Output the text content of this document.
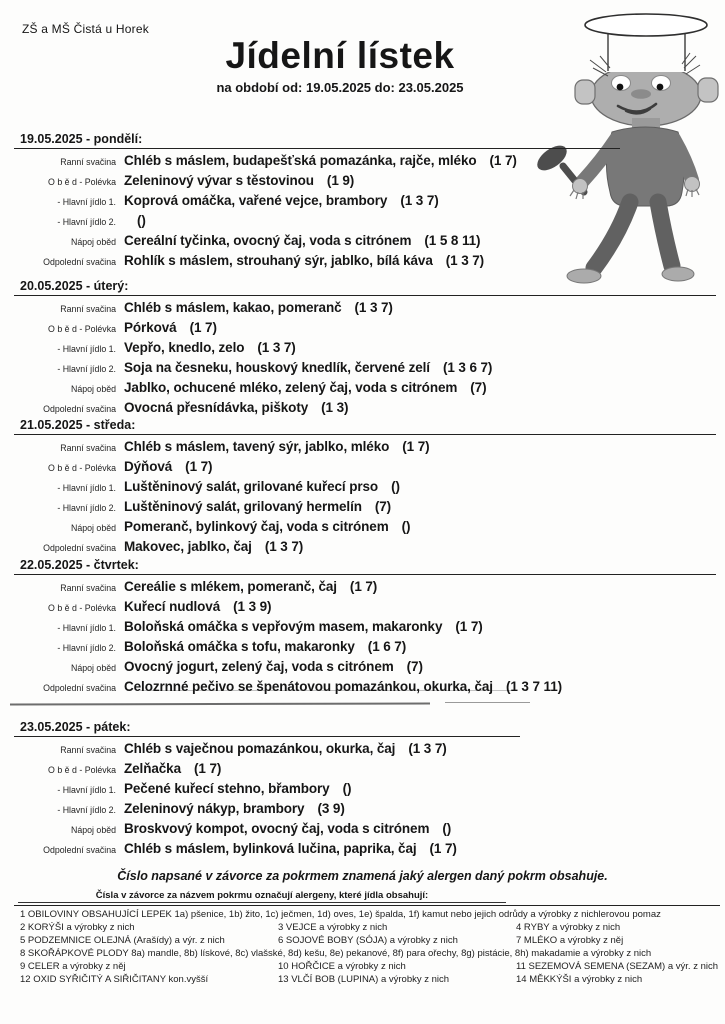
ZŠ a MŠ Čistá u Horek
Jídelní lístek
na období od: 19.05.2025 do: 23.05.2025
19.05.2025 - pondělí:
Ranní svačina Chléb s máslem, budapešťská pomazánka, rajče, mléko (1 7)
O b ě d - Polévka Zeleninový vývar s těstovinou (1 9)
- Hlavní jídlo 1. Koprová omáčka, vařené vejce, brambory (1 3 7)
- Hlavní jídlo 2.	()
Nápoj oběd Cereální tyčinka, ovocný čaj, voda s citrónem (1 5 8 11)
Odpolední svačina Rohlík s máslem, strouhaný sýr, jablko, bílá káva (1 3 7)
20.05.2025 - úterý:
Ranní svačina Chléb s máslem, kakao, pomeranč (1 3 7)
O b ě d - Polévka Pórková (1 7)
- Hlavní jídlo 1. Vepřo, knedlo, zelo (1 3 7)
- Hlavní jídlo 2. Soja na česneku, houskový knedlík, červené zelí (1 3 6 7)
Nápoj oběd Jablko, ochucené mléko, zelený čaj, voda s citrónem (7)
Odpolední svačina Ovocná přesnídávka, piškoty (1 3)
21.05.2025 - středa:
Ranní svačina Chléb s máslem, tavený sýr, jablko, mléko (1 7)
O b ě d - Polévka Dýňová (1 7)
- Hlavní jídlo 1. Luštěninový salát, grilované kuřecí prso ()
- Hlavní jídlo 2. Luštěninový salát, grilovaný hermelín (7)
Nápoj oběd Pomeranč, bylinkový čaj, voda s citrónem ()
Odpolední svačina Makovec, jablko, čaj (1 3 7)
22.05.2025 - čtvrtek:
Ranní svačina Cereálie s mlékem, pomeranč, čaj (1 7)
O b ě d - Polévka Kuřecí nudlová (1 3 9)
- Hlavní jídlo 1. Boloňská omáčka s vepřovým masem, makaronky (1 7)
- Hlavní jídlo 2. Boloňská omáčka s tofu, makaronky (1 6 7)
Nápoj oběd Ovocný jogurt, zelený čaj, voda s citrónem (7)
Odpolední svačina Celozrnné pečivo se špenátovou pomazánkou, okurka, čaj (1 3 7 11)
23.05.2025 - pátek:
Ranní svačina Chléb s vaječnou pomazánkou, okurka, čaj (1 3 7)
O b ě d - Polévka Zelňačka (1 7)
- Hlavní jídlo 1. Pečené kuřecí stehno, břambory ()
- Hlavní jídlo 2. Zeleninový nákyp, brambory (3 9)
Nápoj oběd Broskvový kompot, ovocný čaj, voda s citrónem ()
Odpolední svačina Chléb s máslem, bylinková lučina, paprika, čaj (1 7)
Číslo napsané v závorce za pokrmem znamená jaký alergen daný pokrm obsahuje.
Čísla v závorce za názvem pokrmu označují alergeny, které jídla obsahují:
1 OBILOVINY OBSAHUJÍCÍ LEPEK 1a) pšenice, 1b) žito, 1c) ječmen, 1d) oves, 1e) špalda, 1f) kamut nebo jejich odrůdy a výrobky z nichlerovou pomaz
2 KORÝŠI a výrobky z nich	3 VEJCE a výrobky z nich	4 RYBY a výrobky z nich
5 PODZEMNICE OLEJNÁ (Arašídy) a výr. z nich	6 SOJOVÉ BOBY (SÓJA) a výrobky z nich	7 MLÉKO a výrobky z něj
8 SKOŘÁPKOVÉ PLODY 8a) mandle, 8b) lískové, 8c) vlašské, 8d) kešu, 8e) pekanové, 8f) para ořechy, 8g) pistácie, 8h) makadamie a výrobky z nich
9 CELER a výrobky z něj	10 HOŘČICE a výrobky z nich	11 SEZEMOVÁ SEMENA (SEZAM) a výr. z nich
12 OXID SYŘIČITÝ A SIŘIČITANY kon.vyšší	13 VLČÍ BOB (LUPINA) a výrobky z nich	14 MĚKKÝŠI a výrobky z nich
